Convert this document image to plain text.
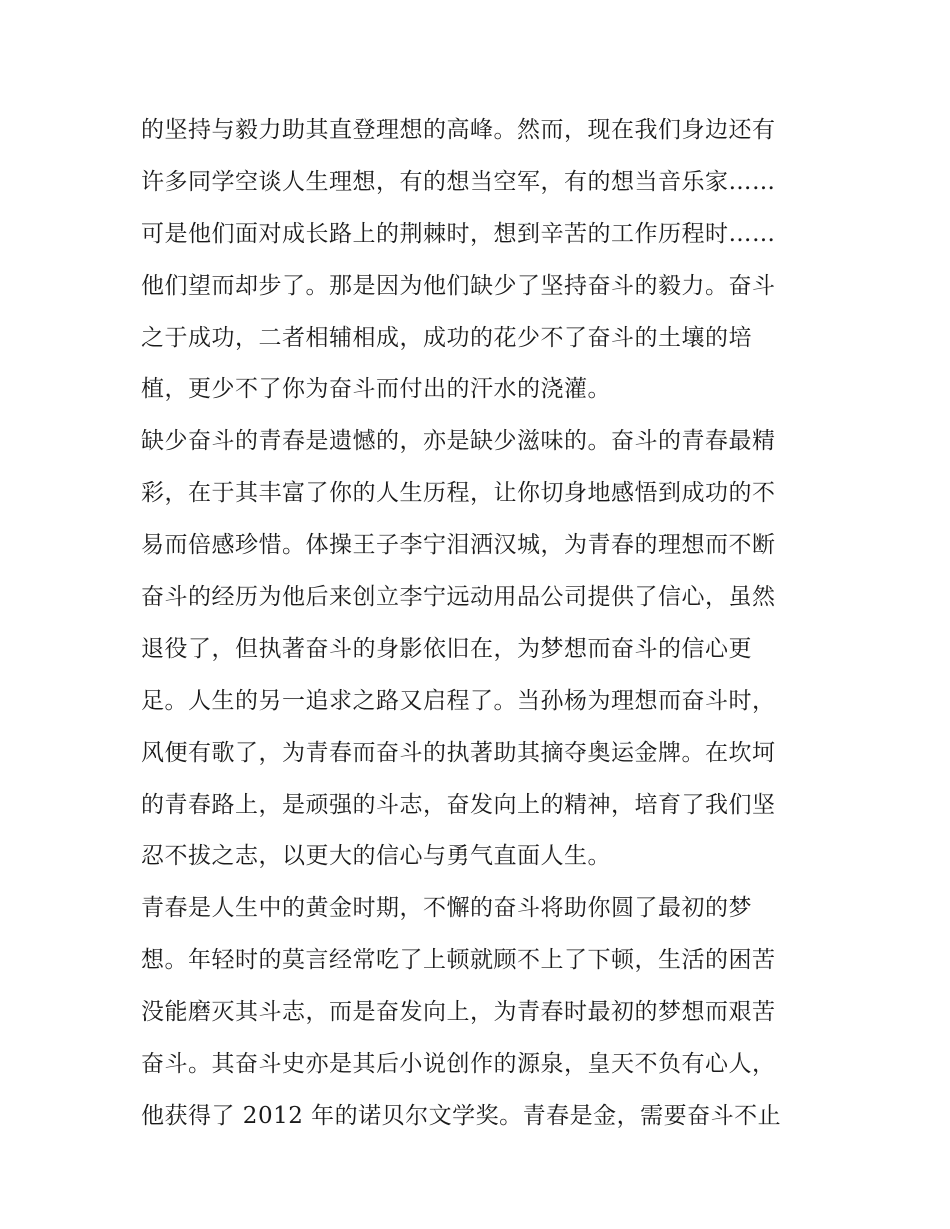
的坚持与毅力助其直登理想的高峰。然而，现在我们身边还有
许多同学空谈人生理想，有的想当空军，有的想当音乐家……
可是他们面对成长路上的荆棘时，想到辛苦的工作历程时……
他们望而却步了。那是因为他们缺少了坚持奋斗的毅力。奋斗
之于成功，二者相辅相成，成功的花少不了奋斗的土壤的培
植，更少不了你为奋斗而付出的汗水的浇灌。
缺少奋斗的青春是遗憾的，亦是缺少滋味的。奋斗的青春最精
彩，在于其丰富了你的人生历程，让你切身地感悟到成功的不
易而倍感珍惜。体操王子李宁泪洒汉城，为青春的理想而不断
奋斗的经历为他后来创立李宁远动用品公司提供了信心，虽然
退役了，但执著奋斗的身影依旧在，为梦想而奋斗的信心更
足。人生的另一追求之路又启程了。当孙杨为理想而奋斗时，
风便有歌了，为青春而奋斗的执著助其摘夺奥运金牌。在坎坷
的青春路上，是顽强的斗志，奋发向上的精神，培育了我们坚
忍不拔之志，以更大的信心与勇气直面人生。
青春是人生中的黄金时期，不懈的奋斗将助你圆了最初的梦
想。年轻时的莫言经常吃了上顿就顾不上了下顿，生活的困苦
没能磨灭其斗志，而是奋发向上，为青春时最初的梦想而艰苦
奋斗。其奋斗史亦是其后小说创作的源泉，皇天不负有心人，
他获得了 2012 年的诺贝尔文学奖。青春是金，需要奋斗不止
